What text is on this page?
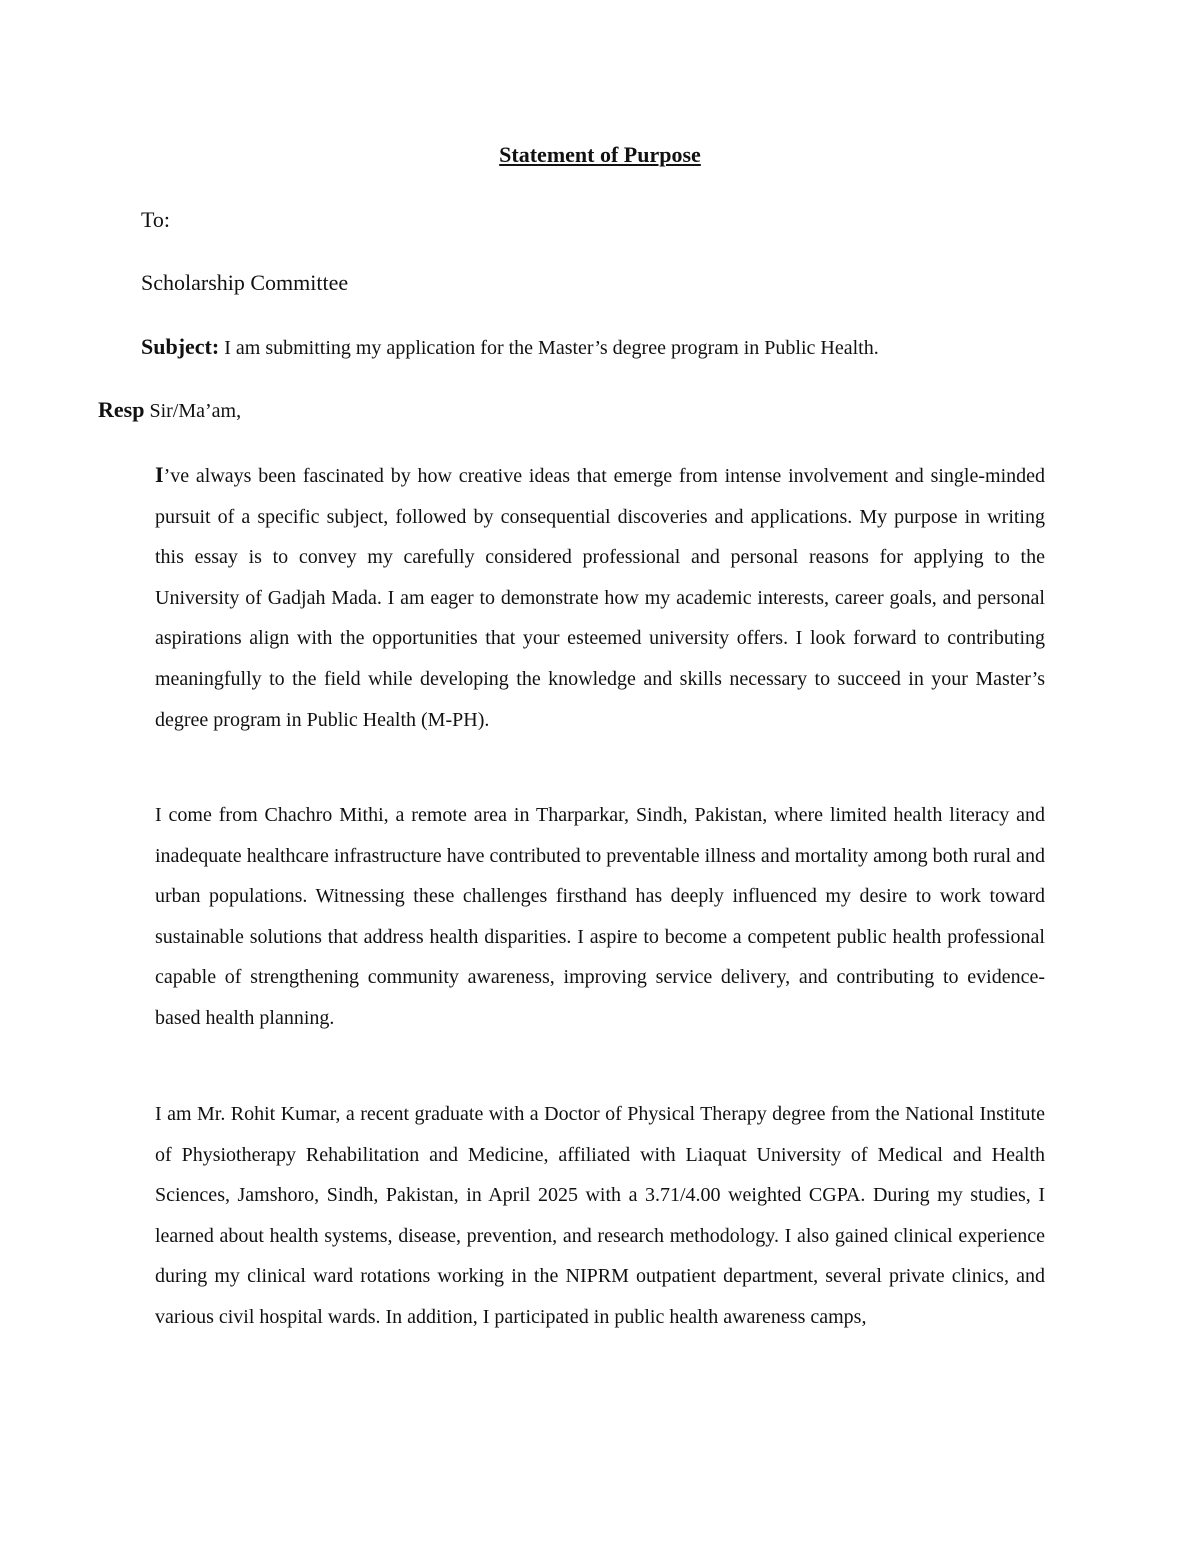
Statement of Purpose

To:

Scholarship Committee

Subject: I am submitting my application for the Master’s degree program in Public Health.

Resp Sir/Ma’am,

I’ve always been fascinated by how creative ideas that emerge from intense involvement and single-minded pursuit of a specific subject, followed by consequential discoveries and applications. My purpose in writing this essay is to convey my carefully considered professional and personal reasons for applying to the University of Gadjah Mada. I am eager to demonstrate how my academic interests, career goals, and personal aspirations align with the opportunities that your esteemed university offers. I look forward to contributing meaningfully to the field while developing the knowledge and skills necessary to succeed in your Master’s degree program in Public Health (M-PH).

I come from Chachro Mithi, a remote area in Tharparkar, Sindh, Pakistan, where limited health literacy and inadequate healthcare infrastructure have contributed to preventable illness and mortality among both rural and urban populations. Witnessing these challenges firsthand has deeply influenced my desire to work toward sustainable solutions that address health disparities. I aspire to become a competent public health professional capable of strengthening community awareness, improving service delivery, and contributing to evidence-based health planning.

I am Mr. Rohit Kumar, a recent graduate with a Doctor of Physical Therapy degree from the National Institute of Physiotherapy Rehabilitation and Medicine, affiliated with Liaquat University of Medical and Health Sciences, Jamshoro, Sindh, Pakistan, in April 2025 with a 3.71/4.00 weighted CGPA. During my studies, I learned about health systems, disease, prevention, and research methodology. I also gained clinical experience during my clinical ward rotations working in the NIPRM outpatient department, several private clinics, and various civil hospital wards. In addition, I participated in public health awareness camps,
